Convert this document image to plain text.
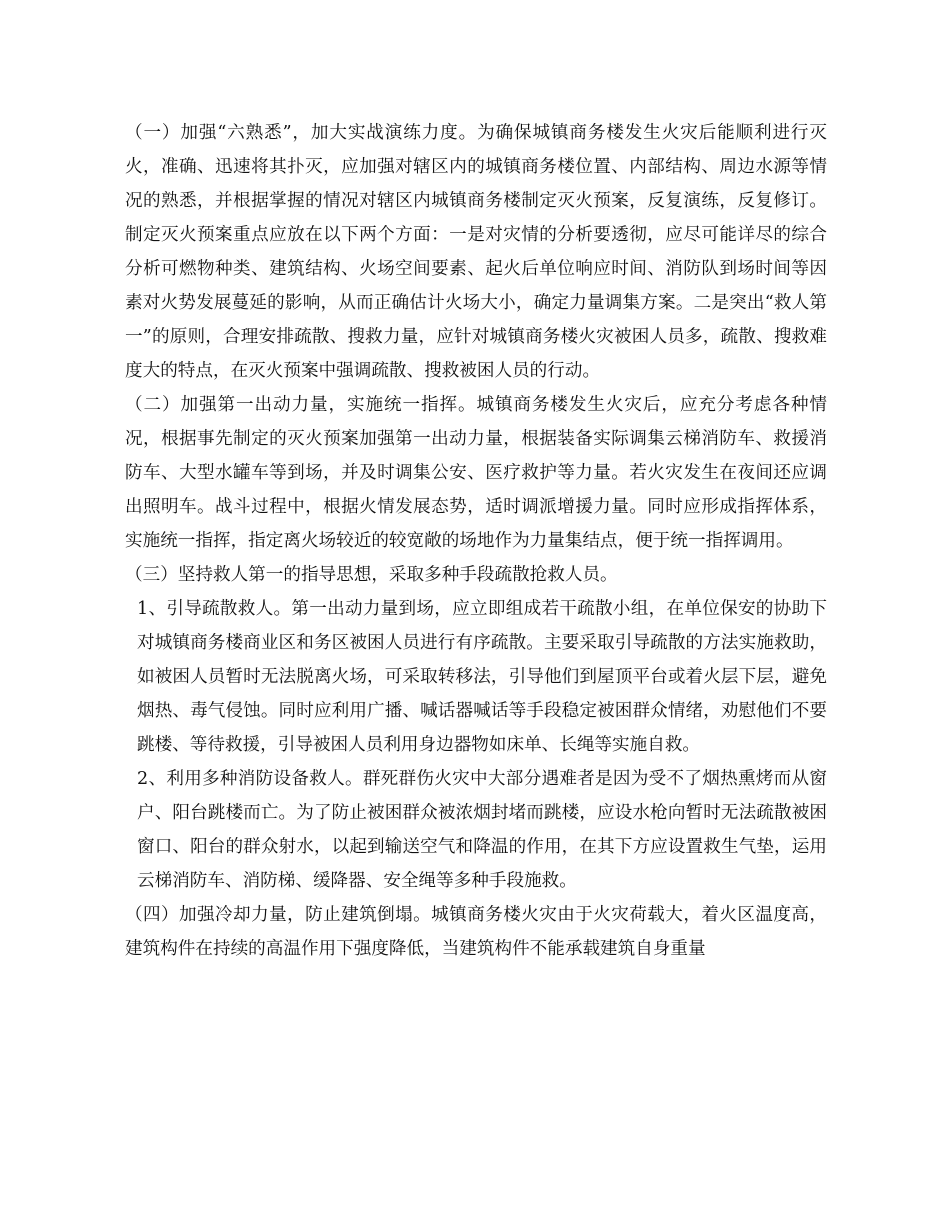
（一）加强“六熟悉”，加大实战演练力度。为确保城镇商务楼发生火灾后能顺利进行灭火，准确、迅速将其扑灭，应加强对辖区内的城镇商务楼位置、内部结构、周边水源等情况的熟悉，并根据掌握的情况对辖区内城镇商务楼制定灭火预案，反复演练，反复修订。制定灭火预案重点应放在以下两个方面：一是对灾情的分析要透彻，应尽可能详尽的综合分析可燃物种类、建筑结构、火场空间要素、起火后单位响应时间、消防队到场时间等因素对火势发展蔓延的影响，从而正确估计火场大小，确定力量调集方案。二是突出“救人第一”的原则，合理安排疏散、搜救力量，应针对城镇商务楼火灾被困人员多，疏散、搜救难度大的特点，在灭火预案中强调疏散、搜救被困人员的行动。

（二）加强第一出动力量，实施统一指挥。城镇商务楼发生火灾后，应充分考虑各种情况，根据事先制定的灭火预案加强第一出动力量，根据装备实际调集云梯消防车、救援消防车、大型水罐车等到场，并及时调集公安、医疗救护等力量。若火灾发生在夜间还应调出照明车。战斗过程中，根据火情发展态势，适时调派增援力量。同时应形成指挥体系，实施统一指挥，指定离火场较近的较宽敞的场地作为力量集结点，便于统一指挥调用。

（三）坚持救人第一的指导思想，采取多种手段疏散抢救人员。

1、引导疏散救人。第一出动力量到场，应立即组成若干疏散小组，在单位保安的协助下对城镇商务楼商业区和务区被困人员进行有序疏散。主要采取引导疏散的方法实施救助，如被困人员暂时无法脱离火场，可采取转移法，引导他们到屋顶平台或着火层下层，避免烟热、毒气侵蚀。同时应利用广播、喊话器喊话等手段稳定被困群众情绪，劝慰他们不要跳楼、等待救援，引导被困人员利用身边器物如床单、长绳等实施自救。

2、利用多种消防设备救人。群死群伤火灾中大部分遇难者是因为受不了烟热熏烤而从窗户、阳台跳楼而亡。为了防止被困群众被浓烟封堵而跳楼，应设水枪向暂时无法疏散被困窗口、阳台的群众射水，以起到输送空气和降温的作用，在其下方应设置救生气垫，运用云梯消防车、消防梯、缓降器、安全绳等多种手段施救。

（四）加强冷却力量，防止建筑倒塌。城镇商务楼火灾由于火灾荷载大，着火区温度高，建筑构件在持续的高温作用下强度降低，当建筑构件不能承载建筑自身重量
